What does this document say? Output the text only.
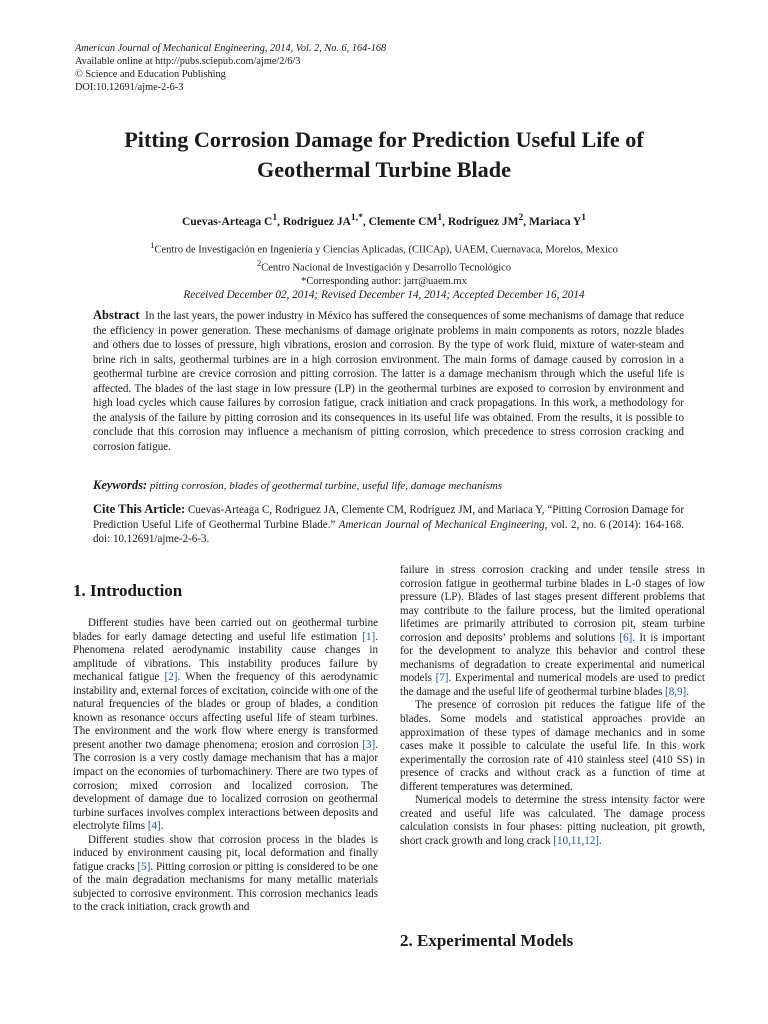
American Journal of Mechanical Engineering, 2014, Vol. 2, No. 6, 164-168
Available online at http://pubs.sciepub.com/ajme/2/6/3
© Science and Education Publishing
DOI:10.12691/ajme-2-6-3
Pitting Corrosion Damage for Prediction Useful Life of
Geothermal Turbine Blade
Cuevas-Arteaga $C^1$, Rodriguez $JA^{1,*}$, Clemente $CM^1$, Rodríguez $JM^2$, Mariaca $Y^1$
$^1$Centro de Investigación en Ingeniería y Ciencias Aplicadas, (CIICAp), UAEM, Cuernavaca, Morelos, Mexico
$^2$Centro Nacional de Investigación y Desarrollo Tecnológico
*Corresponding author: jarr@uaem.mx
Received December 02, 2014; Revised December 14, 2014; Accepted December 16, 2014

Abstract In the last years, the power industry in México has suffered the consequences of some mechanisms of damage that reduce the efficiency in power generation. These mechanisms of damage originate problems in main components as rotors, nozzle blades and others due to losses of pressure, high vibrations, erosion and corrosion. By the type of work fluid, mixture of water-steam and brine rich in salts, geothermal turbines are in a high corrosion environment. The main forms of damage caused by corrosion in a geothermal turbine are crevice corrosion and pitting corrosion. The latter is a damage mechanism through which the useful life is affected. The blades of the last stage in low pressure (LP) in the geothermal turbines are exposed to corrosion by environment and high load cycles which cause failures by corrosion fatigue, crack initiation and crack propagations. In this work, a methodology for the analysis of the failure by pitting corrosion and its consequences in its useful life was obtained. From the results, it is possible to conclude that this corrosion may influence a mechanism of pitting corrosion, which precedence to stress corrosion cracking and corrosion fatigue.

Keywords: pitting corrosion, blades of geothermal turbine, useful life, damage mechanisms

Cite This Article: Cuevas-Arteaga C, Rodriguez JA, Clemente CM, Rodríguez JM, and Mariaca Y, “Pitting Corrosion Damage for Prediction Useful Life of Geothermal Turbine Blade.” American Journal of Mechanical Engineering, vol. 2, no. 6 (2014): 164-168. doi: 10.12691/ajme-2-6-3.

1. Introduction

Different studies have been carried out on geothermal turbine blades for early damage detecting and useful life estimation [1]. Phenomena related aerodynamic instability cause changes in amplitude of vibrations. This instability produces failure by mechanical fatigue [2]. When the frequency of this aerodynamic instability and, external forces of excitation, coincide with one of the natural frequencies of the blades or group of blades, a condition known as resonance occurs affecting useful life of steam turbines. The environment and the work flow where energy is transformed present another two damage phenomena; erosion and corrosion [3]. The corrosion is a very costly damage mechanism that has a major impact on the economies of turbomachinery. There are two types of corrosion; mixed corrosion and localized corrosion. The development of damage due to localized corrosion on geothermal turbine surfaces involves complex interactions between deposits and electrolyte films [4].

Different studies show that corrosion process in the blades is induced by environment causing pit, local deformation and finally fatigue cracks [5]. Pitting corrosion or pitting is considered to be one of the main degradation mechanisms for many metallic materials subjected to corrosive environment. This corrosion mechanics leads to the crack initiation, crack growth and

failure in stress corrosion cracking and under tensile stress in corrosion fatigue in geothermal turbine blades in L-0 stages of low pressure (LP). Blades of last stages present different problems that may contribute to the failure process, but the limited operational lifetimes are primarily attributed to corrosion pit, steam turbine corrosion and deposits’ problems and solutions [6]. It is important for the development to analyze this behavior and control these mechanisms of degradation to create experimental and numerical models [7]. Experimental and numerical models are used to predict the damage and the useful life of geothermal turbine blades [8,9].

The presence of corrosion pit reduces the fatigue life of the blades. Some models and statistical approaches provide an approximation of these types of damage mechanics and in some cases make it possible to calculate the useful life. In this work experimentally the corrosion rate of 410 stainless steel (410 SS) in presence of cracks and without crack as a function of time at different temperatures was determined.

Numerical models to determine the stress intensity factor were created and useful life was calculated. The damage process calculation consists in four phases: pitting nucleation, pit growth, short crack growth and long crack [10,11,12].

2. Experimental Models
